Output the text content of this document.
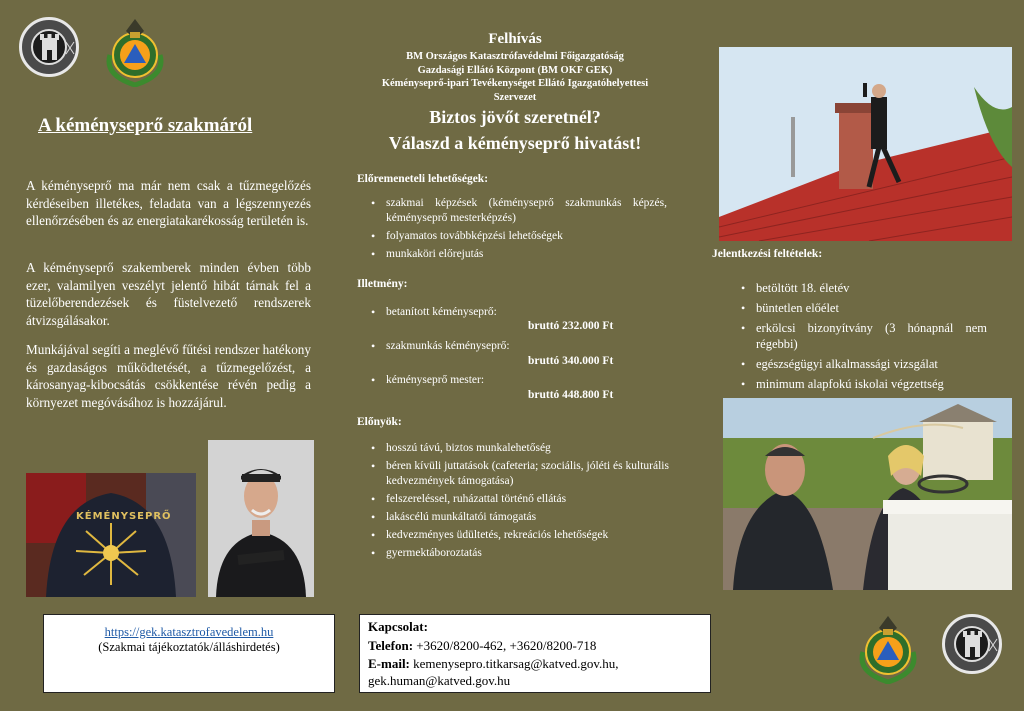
A kéményseprő szakmáról
A kéményseprő ma már nem csak a tűzmegelőzés kérdéseiben illetékes, feladata van a légszennyezés ellenőrzésében és az energiatakarékosság területén is.
A kéményseprő szakemberek minden évben több ezer, valamilyen veszélyt jelentő hibát tárnak fel a tüzelőberendezések és füstelvezető rendszerek átvizsgálásakor.
Munkájával segíti a meglévő fűtési rendszer hatékony és gazdaságos működtetését, a tűzmegelőzést, a károsanyag-kibocsátás csökkentése révén pedig a környezet megóvásához is hozzájárul.
KÉMÉNYSEPRŐ
Felhívás
BM Országos Katasztrófavédelmi Főigazgatóság
Gazdasági Ellátó Központ (BM OKF GEK)
Kéményseprő-ipari Tevékenységet Ellátó Igazgatóhelyettesi
Szervezet
Biztos jövőt szeretnél?
Válaszd a kéményseprő hivatást!
Előremeneteli lehetőségek:
• szakmai képzések (kéményseprő szakmunkás képzés, kéményseprő mesterképzés)
• folyamatos továbbképzési lehetőségek
• munkaköri előrejutás
Illetmény:
• betanított kéményseprő:
• szakmunkás kéményseprő:
• kéményseprő mester:
bruttó 232.000 Ft
bruttó 340.000 Ft
bruttó 448.800 Ft
Előnyök:
• hosszú távú, biztos munkalehetőség
• béren kívüli juttatások (cafeteria; szociális, jóléti és kulturális kedvezmények támogatása)
• felszereléssel, ruházattal történő ellátás
• lakáscélú munkáltatói támogatás
• kedvezményes üdültetés, rekreációs lehetőségek
• gyermektáboroztatás
Jelentkezési feltételek:
• betöltött 18. életév
• büntetlen előélet
• erkölcsi bizonyítvány (3 hónapnál nem régebbi)
• egészségügyi alkalmassági vizsgálat
• minimum alapfokú iskolai végzettség
https://gek.katasztrofavedelem.hu
(Szakmai tájékoztatók/álláshirdetés)
Kapcsolat:
Telefon: +3620/8200-462, +3620/8200-718
E-mail: kemenysepro.titkarsag@katved.gov.hu,
gek.human@katved.gov.hu
